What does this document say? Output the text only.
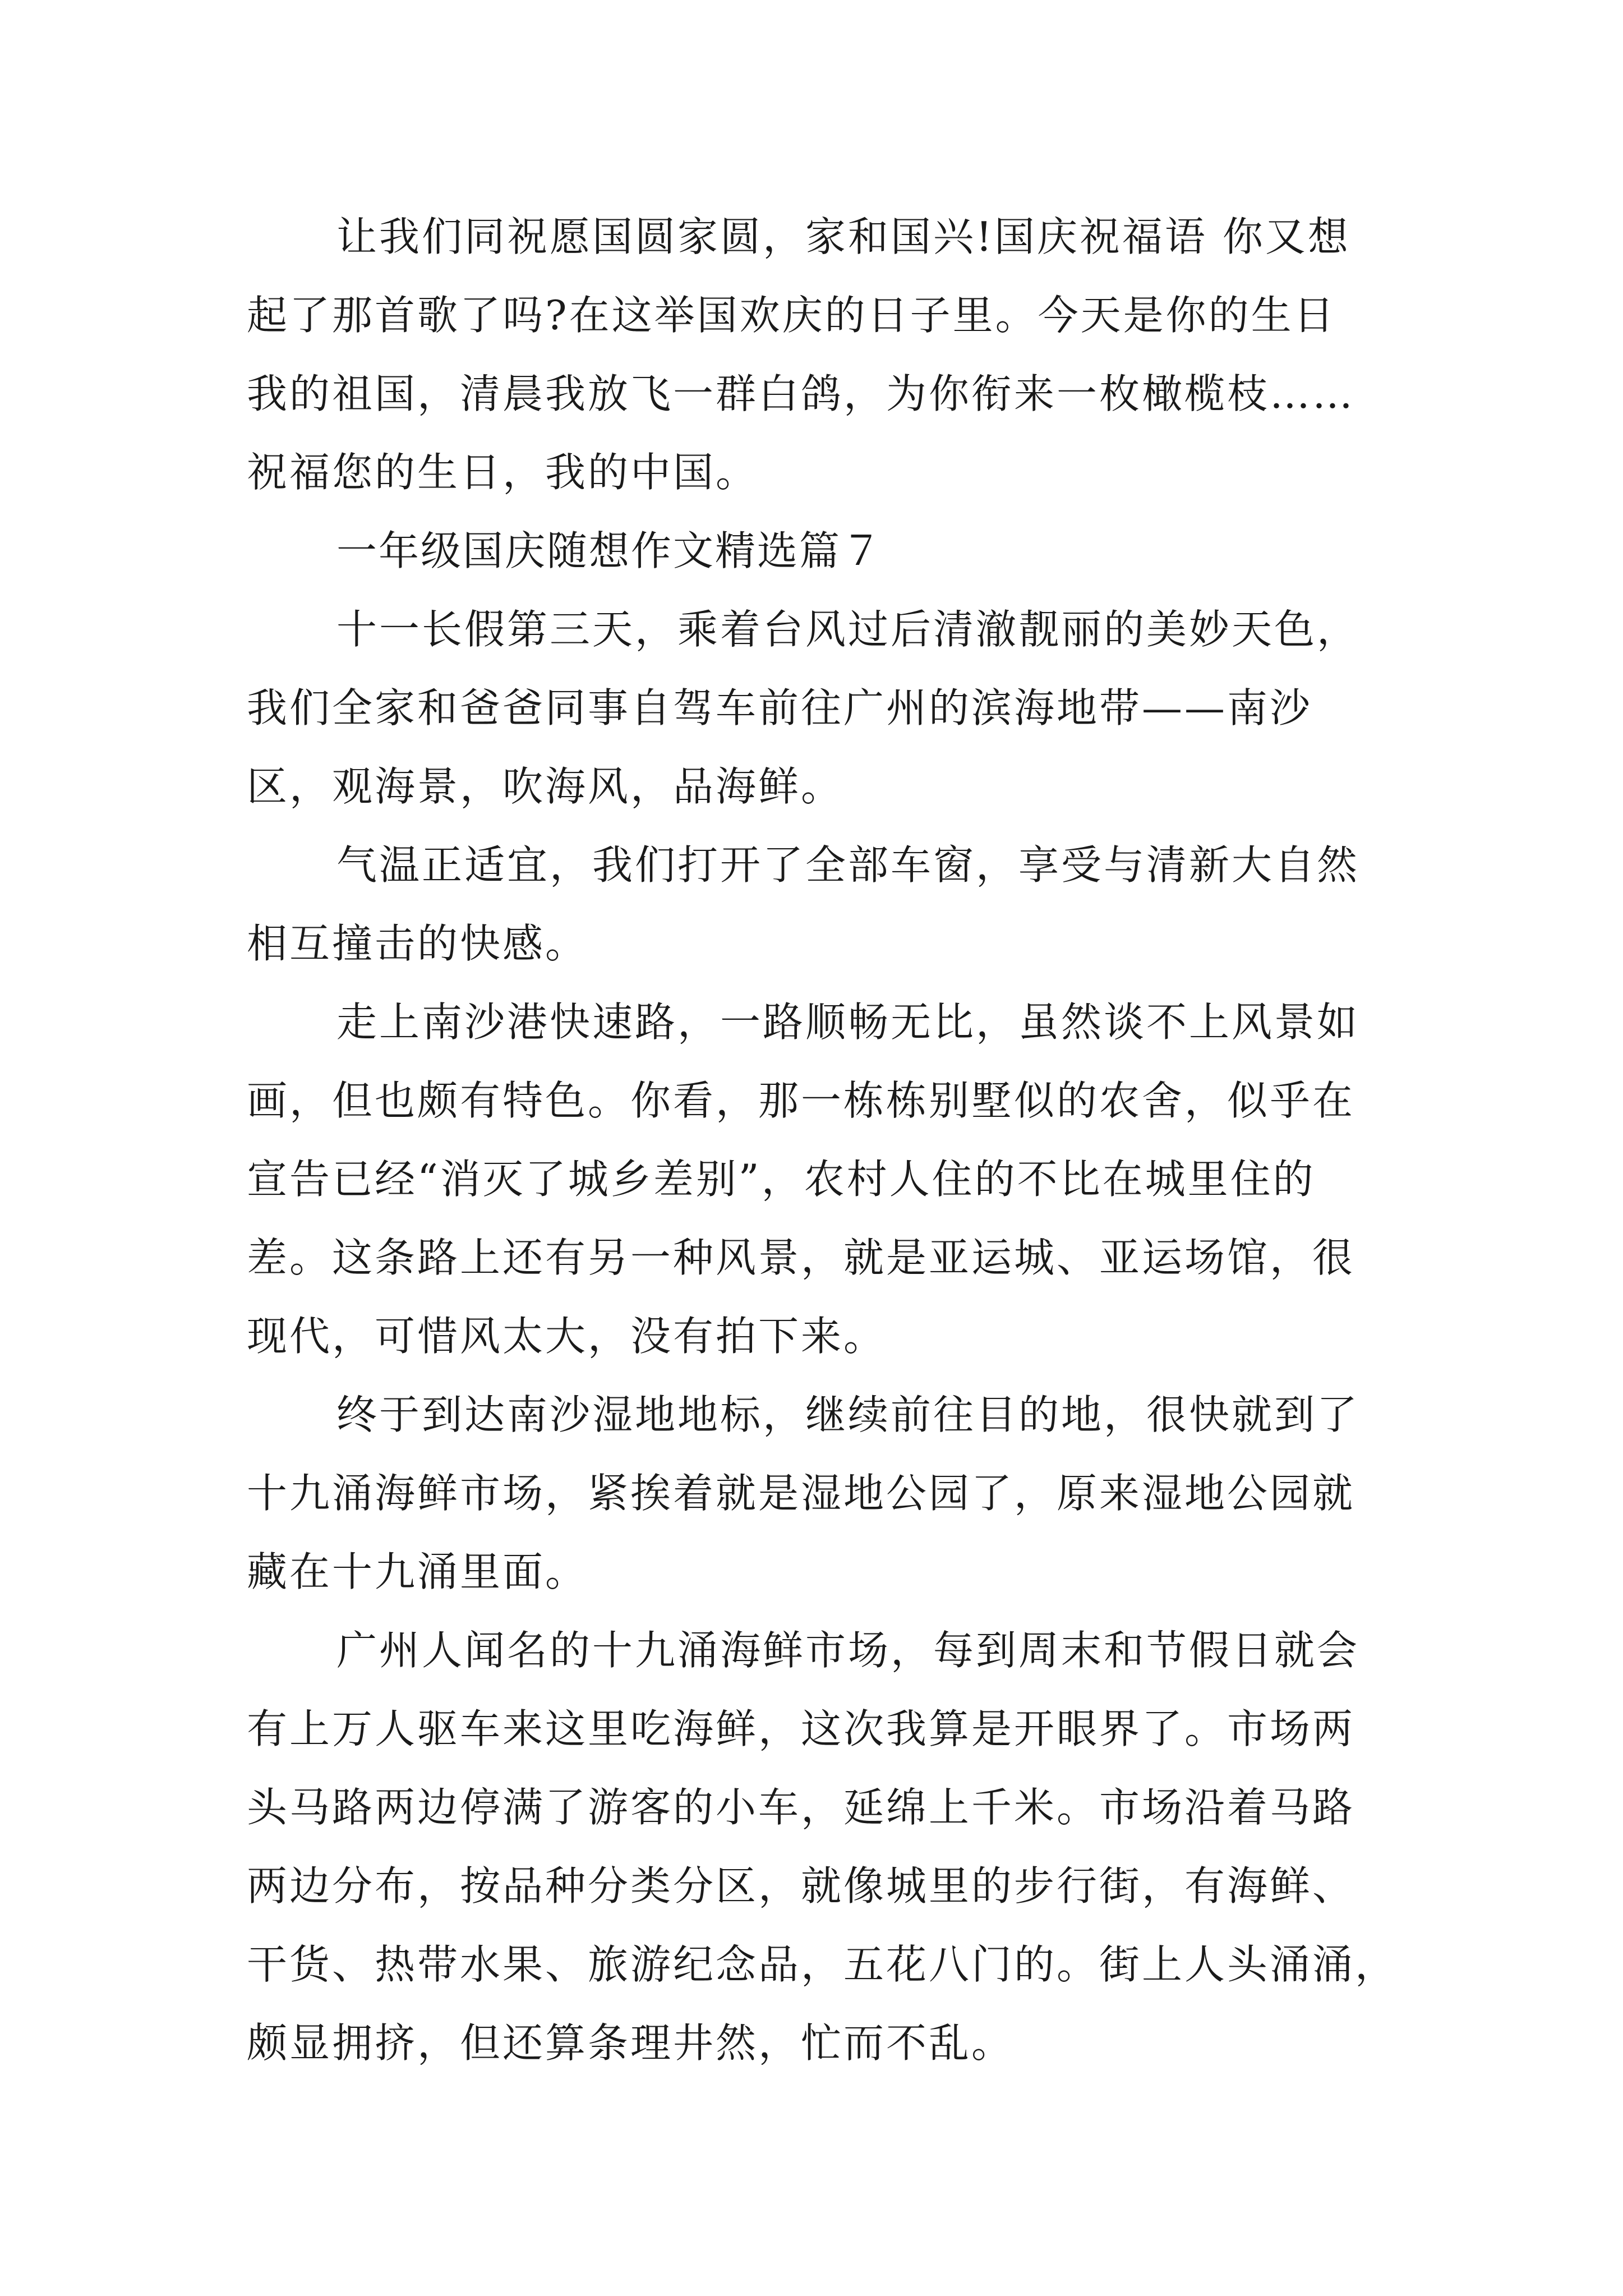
让我们同祝愿国圆家圆，家和国兴!国庆祝福语 你又想
起了那首歌了吗?在这举国欢庆的日子里。今天是你的生日
我的祖国，清晨我放飞一群白鸽，为你衔来一枚橄榄枝……
祝福您的生日，我的中国。
一年级国庆随想作文精选篇７
十一长假第三天，乘着台风过后清澈靓丽的美妙天色，
我们全家和爸爸同事自驾车前往广州的滨海地带——南沙
区，观海景，吹海风，品海鲜。
气温正适宜，我们打开了全部车窗，享受与清新大自然
相互撞击的快感。
走上南沙港快速路，一路顺畅无比，虽然谈不上风景如
画，但也颇有特色。你看，那一栋栋别墅似的农舍，似乎在
宣告已经“消灭了城乡差别”，农村人住的不比在城里住的
差。这条路上还有另一种风景，就是亚运城、亚运场馆，很
现代，可惜风太大，没有拍下来。
终于到达南沙湿地地标，继续前往目的地，很快就到了
十九涌海鲜市场，紧挨着就是湿地公园了，原来湿地公园就
藏在十九涌里面。
广州人闻名的十九涌海鲜市场，每到周末和节假日就会
有上万人驱车来这里吃海鲜，这次我算是开眼界了。市场两
头马路两边停满了游客的小车，延绵上千米。市场沿着马路
两边分布，按品种分类分区，就像城里的步行街，有海鲜、
干货、热带水果、旅游纪念品，五花八门的。街上人头涌涌，
颇显拥挤，但还算条理井然，忙而不乱。
